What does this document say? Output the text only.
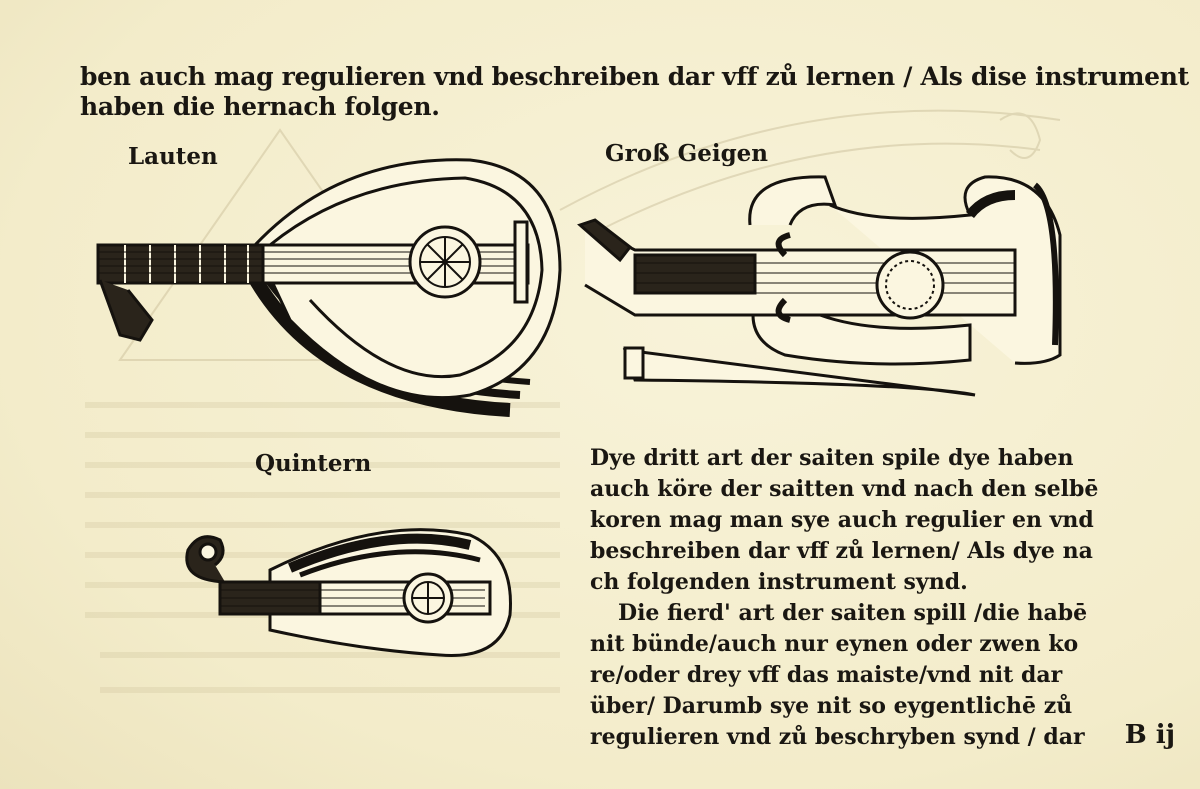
ben auch mag regulieren vnd beschreiben dar vff zů lernen / Als dise instrument
haben die hernach folgen.
Lauten	Groß Geigen
Quintern	Dye dritt art der saiten spile dye haben
auch köre der saitten vnd nach den selbē
koren mag man sye auch regulier en vnd
beschreiben dar vff zů lernen/ Als dye na
ch folgenden instrument synd.
Die fierd' art der saiten spill /die habē
nit bünde/auch nur eynen oder zwen ko
re/oder drey vff das maiste/vnd nit dar
über/ Darumb sye nit so eygentlichē zů
regulieren vnd zů beschryben synd / dar B ij
